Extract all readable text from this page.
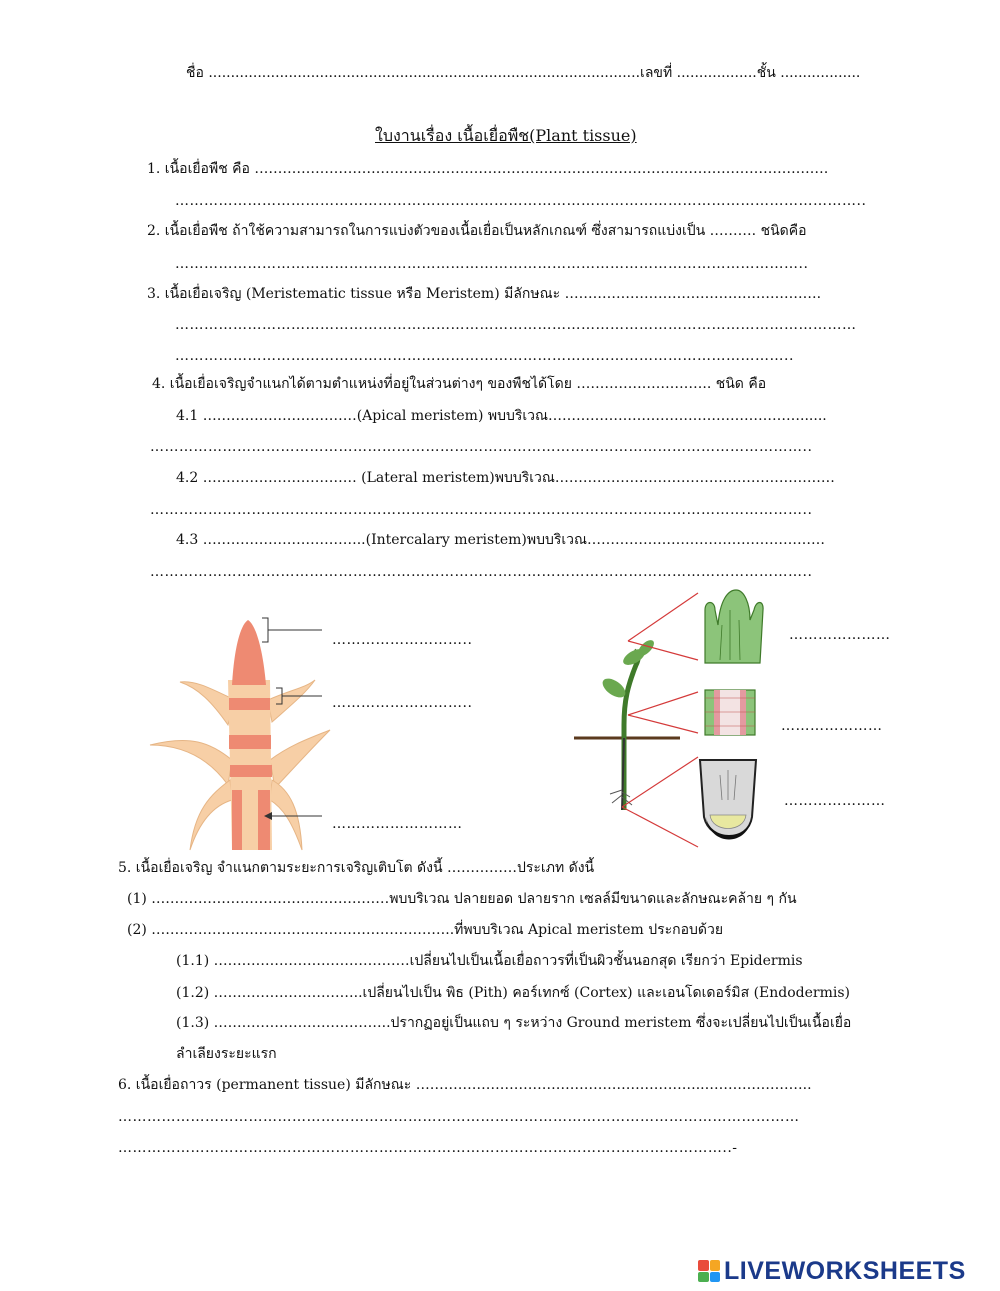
ชื่อ .................................................................................................เลขที่ ..................ชั้น ..................
ใบงานเรื่อง เนื้อเยื่อพืช(Plant tissue)
1. เนื้อเยื่อพืช คือ ……………………………………………………………………………………………………………
……………………………………………………………………………………………………………………………..
2. เนื้อเยื่อพืช ถ้าใช้ความสามารถในการแบ่งตัวของเนื้อเยื่อเป็นหลักเกณฑ์ ซึ่งสามารถแบ่งเป็น ………. ชนิดคือ
…………………………………………………………………………………………………………………..
3. เนื้อเยื่อเจริญ (Meristematic tissue หรือ Meristem) มีลักษณะ ……………………………………………….
……………………………………………………………………………………………………………………………
………………………………………………………………………………………………………………..
4. เนื้อเยื่อเจริญจำแนกได้ตามตำแหน่งที่อยู่ในส่วนต่างๆ ของพืชได้โดย ……………………….. ชนิด คือ
4.1 ……………………………(Apical meristem) พบบริเวณ………………………………………………......
………………………………………………………………………………………………………………………..
4.2 …………………………… (Lateral meristem)พบบริเวณ……………………………………………………
………………………………………………………………………………………………………………………..
4.3 ……………………………..(Intercalary meristem)พบบริเวณ……………………………………………
………………………………………………………………………………………………………………………..
………………………..
………………………..
………………………
…………………
…………………
…………………
5. เนื้อเยื่อเจริญ จำแนกตามระยะการเจริญเติบโต ดังนี้ ……………ประเภท ดังนี้
(1) ……………………………………………พบบริเวณ ปลายยอด ปลายราก เซลล์มีขนาดและลักษณะคล้าย ๆ กัน
(2) ………………………………………………………..ที่พบบริเวณ Apical meristem ประกอบด้วย
(1.1) ……………………………………เปลี่ยนไปเป็นเนื้อเยื่อถาวรที่เป็นผิวชั้นนอกสุด เรียกว่า Epidermis
(1.2) …………………………..เปลี่ยนไปเป็น พิธ (Pith) คอร์เทกซ์ (Cortex) และเอนโดเดอร์มิส (Endodermis)
(1.3) ………………………………..ปรากฏอยู่เป็นแถบ ๆ ระหว่าง Ground meristem ซึ่งจะเปลี่ยนไปเป็นเนื้อเยื่อ
ลำเลียงระยะแรก
6. เนื้อเยื่อถาวร (permanent tissue) มีลักษณะ ……………………………………………………..…………………..
……………………………………………………………………………………………………………………………
…………………………………………………………………………………………..…………………..-
LIVEWORKSHEETS
